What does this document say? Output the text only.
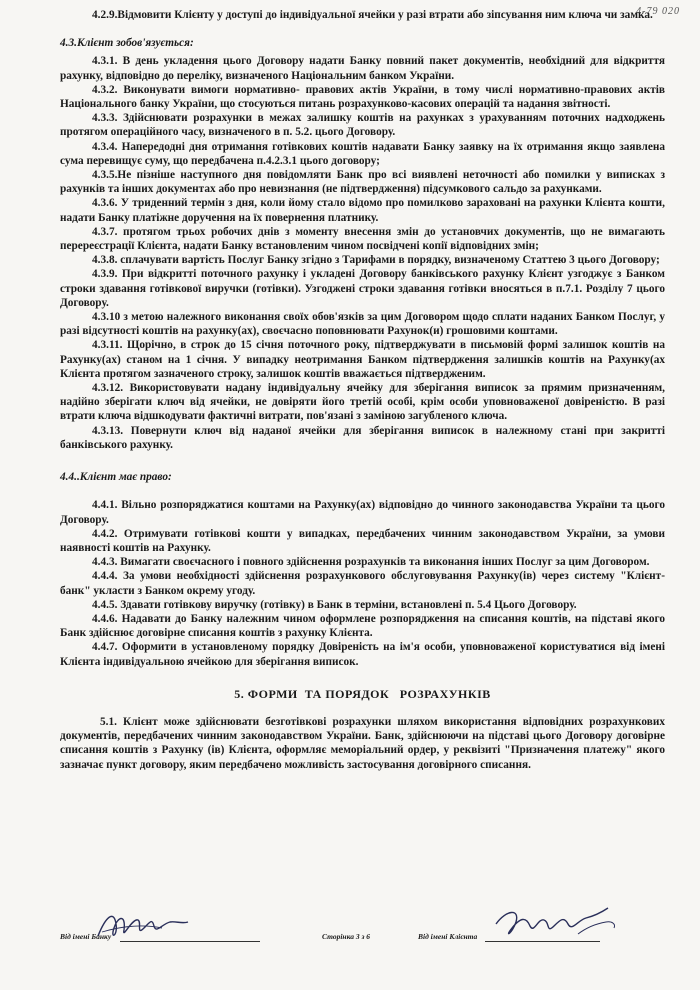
4-79 020

4.2.9.Відмовити Клієнту у доступі до індивідуальної ячейки у разі втрати або зіпсування ним ключа чи замка.

4.3.Клієнт зобов'язується:

4.3.1. В день укладення цього Договору надати Банку повний пакет документів, необхідний для відкриття рахунку, відповідно до переліку, визначеного Національним банком України.

4.3.2. Виконувати вимоги нормативно- правових актів України, в тому числі нормативно-правових актів Національного банку України, що стосуються питань розрахунково-касових операцій та надання звітності.

4.3.3. Здійснювати розрахунки в межах залишку коштів на рахунках з урахуванням поточних надходжень протягом операційного часу, визначеного в п. 5.2. цього Договору.

4.3.4. Напередодні дня отримання готівкових коштів надавати Банку заявку на їх отримання якщо заявлена сума перевищує суму, що передбачена п.4.2.3.1 цього договору;

4.3.5.Не пізніше наступного дня повідомляти Банк про всі виявлені неточності або помилки у виписках з рахунків та інших документах або про невизнання (не підтвердження) підсумкового сальдо за рахунками.

4.3.6. У триденний термін з дня, коли йому стало відомо про помилково зараховані на рахунки Клієнта кошти, надати Банку платіжне доручення на їх повернення платнику.

4.3.7. протягом трьох робочих днів з моменту внесення змін до установчих документів, що не вимагають перереєстрації Клієнта, надати Банку встановленим чином посвідчені копії відповідних змін;

4.3.8. сплачувати вартість Послуг Банку згідно з Тарифами в порядку, визначеному Статтею 3 цього Договору;

4.3.9. При відкритті поточного рахунку і укладені Договору банківського рахунку Клієнт узгоджує з Банком строки здавання готівкової виручки (готівки). Узгоджені строки здавання готівки вносяться в п.7.1. Розділу 7 цього Договору.

4.3.10 з метою належного виконання своїх обов'язків за цим Договором щодо сплати наданих Банком Послуг, у разі відсутності коштів на рахунку(ах), своєчасно поповнювати Рахунок(и) грошовими коштами.

4.3.11. Щорічно, в строк до 15 січня поточного року, підтверджувати в письмовій формі залишок коштів на Рахунку(ах) станом на 1 січня. У випадку неотримання Банком підтвердження залишків коштів на Рахунку(ах Клієнта протягом зазначеного строку, залишок коштів вважається підтвердженим.

4.3.12. Використовувати надану індивідуальну ячейку для зберігання виписок за прямим призначенням, надійно зберігати ключ від ячейки, не довіряти його третій особі, крім особи уповноваженої довіреністю. В разі втрати ключа відшкодувати фактичні витрати, пов'язані з заміною загубленого ключа.

4.3.13. Повернути ключ від наданої ячейки для зберігання виписок в належному стані при закритті банківського рахунку.

4.4..Клієнт має право:

4.4.1. Вільно розпоряджатися коштами на Рахунку(ах) відповідно до чинного законодавства України та цього Договору.

4.4.2. Отримувати готівкові кошти у випадках, передбачених чинним законодавством України, за умови наявності коштів на Рахунку.

4.4.3. Вимагати своєчасного і повного здійснення розрахунків та виконання інших Послуг за цим Договором.

4.4.4. За умови необхідності здійснення розрахункового обслуговування Рахунку(ів) через систему "Клієнт-банк" укласти з Банком окрему угоду.

4.4.5. Здавати готівкову виручку (готівку) в Банк в терміни, встановлені п. 5.4 Цього Договору.

4.4.6. Надавати до Банку належним чином оформлене розпорядження на списання коштів, на підставі якого Банк здійснює договірне списання коштів з рахунку Клієнта.

4.4.7. Оформити в установленому порядку Довіреність на ім'я особи, уповноваженої користуватися від імені Клієнта індивідуальною ячейкою для зберігання виписок.

5. ФОРМИ  ТА ПОРЯДОК   РОЗРАХУНКІВ

5.1. Клієнт може здійснювати безготівкові розрахунки шляхом використання відповідних розрахункових документів, передбачених чинним законодавством України. Банк, здійснюючи на підставі цього Договору договірне списання коштів з Рахунку (ів) Клієнта, оформляє меморіальний ордер, у реквізиті "Призначення платежу" якого зазначає пункт договору, яким передбачено можливість застосування договірного списання.

Від імені Банку	Сторінка 3 з 6	Від імені Клієнта
